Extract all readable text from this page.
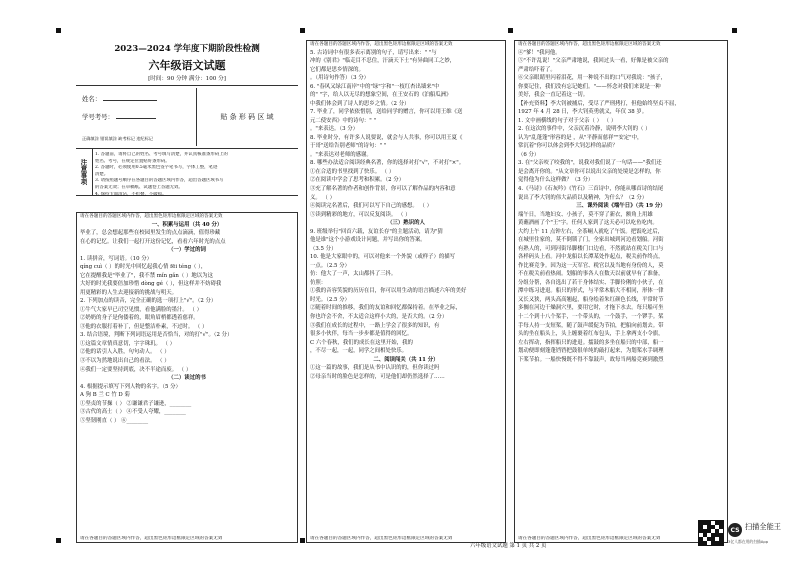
2023—2024 学年度下期阶段性检测
六年级语文试题
[时间：90 分钟 满分：100 分]
姓名：
学号考号：
正确填涂 错误填涂 缺考标记 违纪标记
贴 条 形 码 区 域
注意事项

1. 答题前，请将自己的姓名、考号填写清楚，并认真核准条形码上的

姓名、考号，在规定位置贴好条形码。

2. 答题时，必须使用0.5毫米黑色签字笔书写，字体工整，笔迹

清楚。

3. 请按照题号顺序在各题目的答题区域内作答，超出答题区域书写

的答案无效；在草稿纸、试题卷上答题无效。

4. 保持卡面清洁，不折叠，不破损。

请在各题目的答题区域内作答，超出黑色矩形边框限定区域的答案无效

一、积累与运用（共 40 分）

毕业了，总会想起那些在校园里发生的点点滴滴，值得珍藏

在心的记忆。让我们一起打开这份记忆，看看六年时光的点点

（一）学过的词

1. 读拼音，写词语。（10 分）

qíng cuì（ ）的时光中回忆起我心情 fēi téng（ ），

它在提醒我是"毕业了"，我不禁 mǐn gǎn（ ）地以为这

大好的时光我要倍加珍惜 dòng gé（ ），但这样并不妨碍我

用更精彩的人生去迎接新的挑战与明天。

2. 下列加点的读音，完全正确的选一项打上"√"。（2 分）

①牛气大家早已司空见惯，看他满脸的墨汁。 （ ）

②奶奶的身子是佝偻着的，眼角眉梢都透着慈祥。

③他的衣服打着补丁，但是整洁朴素，不过时。 （ ）

3. 结合语境，判断下列词语运用是否恰当，对的打"√"。（2 分）

①这篇文章情真意切，字字珠玑。 （ ）

②他的话引人入胜，句句动人。 （ ）

③不以为然地说出自己的看法。 （ ）

④我们一定要坚持到底，决不半途而废。 （ ）

（二）读过的书

4. 根据提示填写下列人物的名字。（5 分）

A 狗 B 兰 C 竹 D 菊

①坚贞的节操（ ） ②谦谦君子谦逊，________

③古代的高士（ ） ④不受人夸耀，________

⑤坚韧刚直（ ） ⑥________

请在各题目的答题区域内作答，超出黑色矩形边框限定区域的答案无效
请在各题目的答题区域内作答，超出黑色矩形边框限定区域的答案无效

5. 古诗词中有很多表示离别的句子，请写出来：" "与

冲的《别君》"临走目不忍住，汗滴天下士"有异曲同工之妙，

它们都是思乡情深的。

。（用诗句作答）（3 分）

6. "春风又绿江南岸"中的"绿"字和"一枝红杏出墙来"中

的" "字，给人以无尽的想象空间，在王安石的《泊船瓜洲》

中我们体会到了诗人的思乡之情。（2 分）

7. 毕业了，同学依依惜别，送给同学的赠言，你可以用王维《送

元二使安西》中的诗句：" "

。"来表达。（3 分）

8. 毕业时分，有许多人说要说，就会与人共事，你可以用王夏《

于哥"送给告别老师"的诗句：" "

。"来表达对老师的感谢。

8. 哪些办法适合阅读经典名著，你的选择对打"√"，不对打"×"。

①在合适的书里找到了快乐。 （ ）

②在阅读中学会了思考和积累。（2 分）

③充了解名著的作者和创作背景，你可以了解作品的内容和意

义。 （ ）

④阅读完名著后，我们可以写下自己的感想。 （ ）

⑤读到精彩的地方，可以反复阅读。 （ ）

（三）熟识的人

9. 班级举行"回首六载，友谊长存"的主题活动，请为"猜

他是谁"这个小游戏设计问题，并写出你的答案。

（3.5 分）

10. 他是大家眼中的，可以对他来一个外貌（或样子）的描写

一点。（2.5 分）

仿：他大了一声，太山都抖了三抖。

仿照：

①我的音容笑貌的历历在目，你可以用生动的语言描述六年的美好

时光。（2.5 分）

②随着时间的推移，我们的友谊和回忆都保持着。在毕业之际，

你也许会不舍，不太适合这样小大的，是否大的。（2 分）

③我们在成长的过程中，一路上学会了很多的知识，有

很多小伙伴，每当一步步都是值得的回忆。

C 六个春秋，我们的成长在这里开始，我的

，不尽一起，一起，同学之间相处快乐。

二、阅读闯关（共 11 分）

①这一篇的故事，我们是从书中认识的的，但你读过吗

②母亲当时的脸色是怎样的，可是他们却仍然选择了……

请在各题目的答题区域内作答，超出黑色矩形边框限定区域的答案无效
请在各题目的答题区域内作答，超出黑色矩形边框限定区域的答案无效

④"爹！"我问他。

⑤"不许乱说！"父亲严肃地说，我回过头一看，好像是被父亲的

严肃给吓着了。

⑥父亲眼睛里闪着泪花，用一种说不出的口气对我说："孩子，

你要记住，我们没有忘记她们。"——怀念对我们来说是一种

美好，我会一直记着这一切。

【补充资料】李大钊被捕后，受尽了严刑拷打，但他始终坚贞不屈，

1927 年 4 月 28 日，李大钊英勇就义，年仅 38 岁。

1. 文中画横线的句子对于父亲（ ） （ ）

2. 在这次的事件中，父亲沉着冷静，说明李大钊的（ ）

认为"乱蓬蓬"形容的是 ，从"平静而慈祥""安定"中，

常沉着"你可以体会到李大钊怎样的品质？

（6 分）

3. 在"父亲咬了咬我的"，说我对我们说了一句话——"我们还

是会离开你的。"从文章你可以说出父亲的处境是怎样的，你

觉得他为什么这样做？（3 分）

4.《马诗》《石灰吟》《竹石》三首诗中，你能从哪首诗的结尾

说出了李大钊的伟大品质以及精神，为什么？（2 分）

三、课外阅读《端午日》（共 19 分）

端午日，当地妇女、小孩子，莫不穿了新衣，额角上用雄

黄蘸酒画了个"王"字。任何人家到了这天必可以吃鱼吃肉。

大约上午 11 点钟左右，全茶峒人就吃了午饭。把饭吃过后，

在城里住家的，莫不倒锁了门，全家出城到河边看划船。河街

有熟人的，可到河街吊脚楼门口边看，不然就站在税关门口与

各样码头上看。河中龙船以长潭某处作起点，税关前作终点，

作比赛竞争。因为这一天军官、税官以及当地有身份的人，莫

不在税关前看热闹。划船的事各人在数天以前就早有了准备，

分组分帮，各自选出了若干身体结实、手脚伶俐的小伙子，在

潭中练习进退。船只的形式，与平常木船大不相同，形体一律

又长又狭，两头高高翘起，船身绘着朱红颜色长线，平常时节

多搁在河边干燥洞穴里，要用它时，才拖下水去。每只船可坐

十二个到十八个桨手，一个带头的，一个鼓手，一个锣手。桨

手每人持一支短桨，随了鼓声缓促为节拍，把船向前划去。带

头的坐在船头上，头上缠裹着红布包头，手上拿两支小令旗，

左右挥动，指挥船只的进退。擂鼓的多坐在船只的中部，船一

划动便即刻蓬蓬铛铛把鼓很单纯的敲打起来，为划桨水手调理

下桨节拍。一船快慢既不得不靠鼓声，故每当两船竞赛到激烈

请在各题目的答题区域内作答，超出黑色矩形边框限定区域的答案无效
六年级语文试题 第 1 页 共 2 页
CS 扫描全能王
3亿人都在用的扫描App
